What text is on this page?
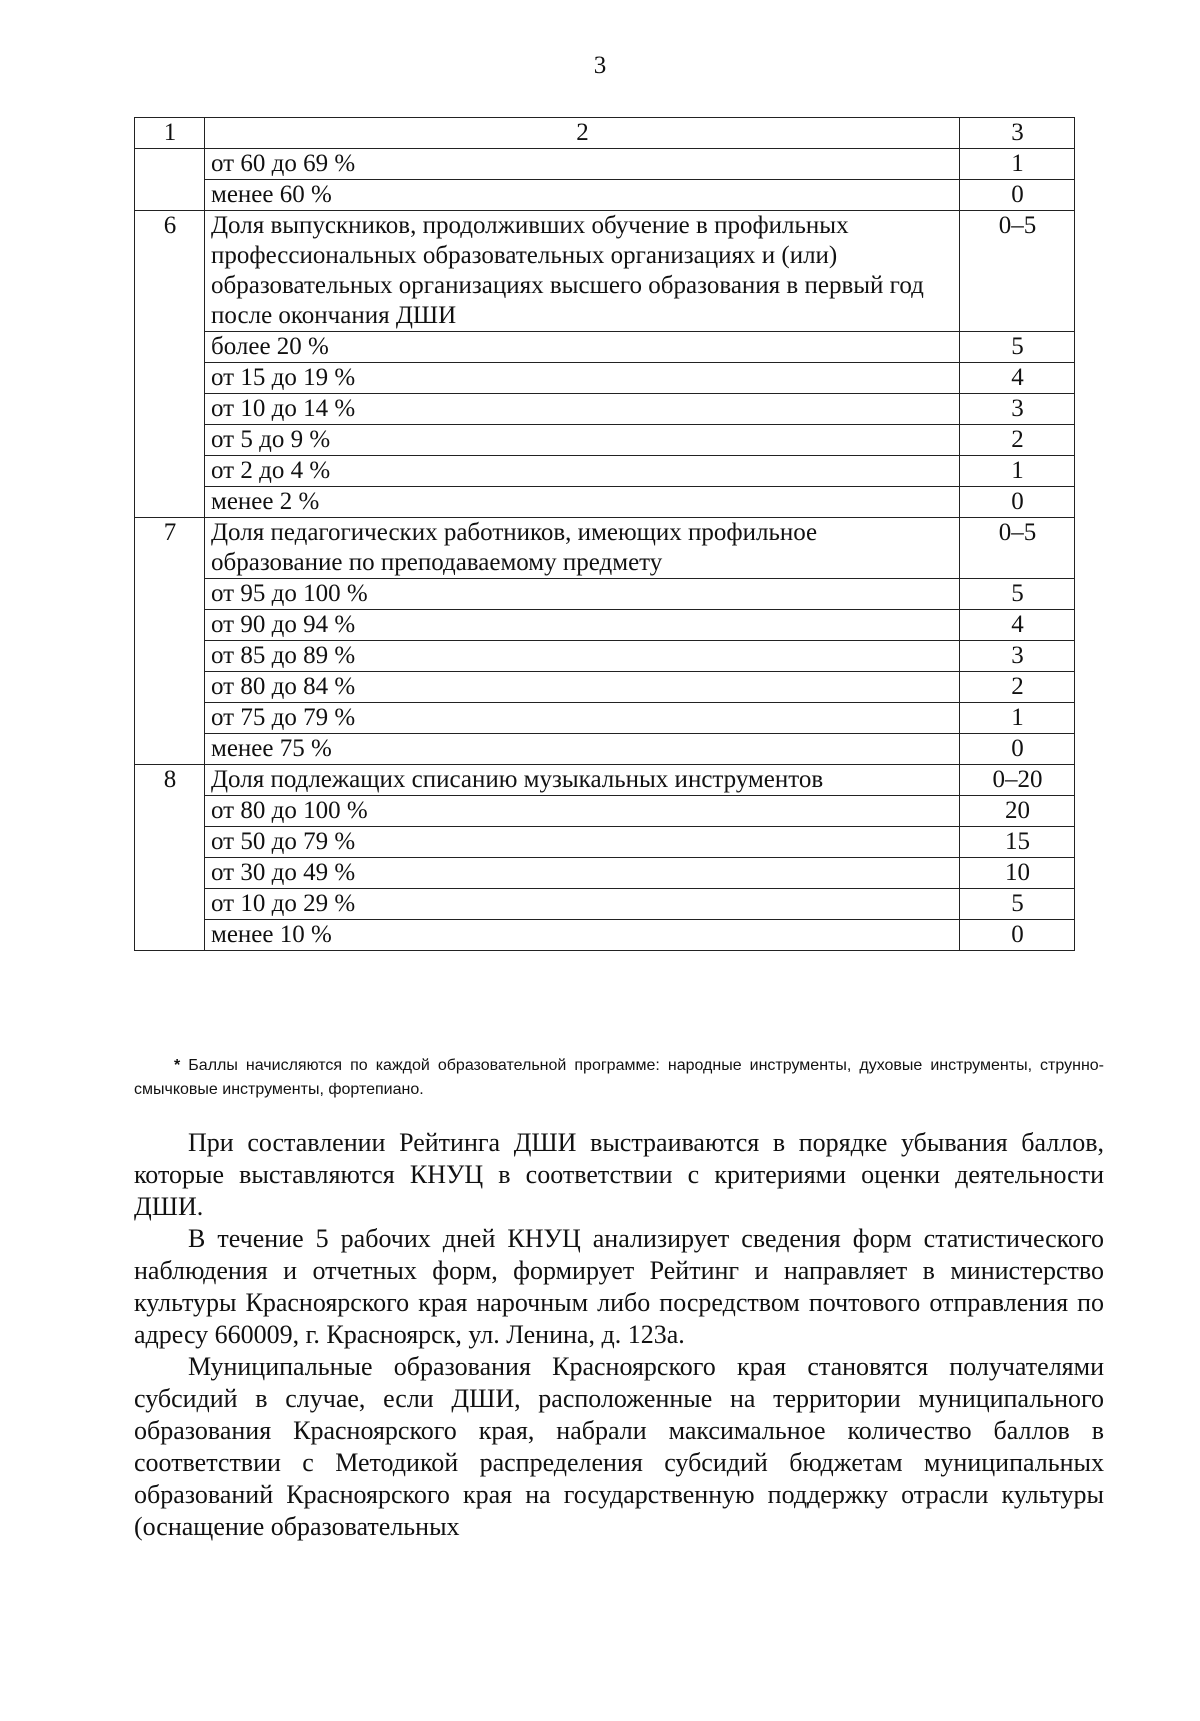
3
1	2	3
	от 60 до 69 %	1
	менее 60 %	0
6	Доля выпускников, продолживших обучение в профильных профессиональных образовательных организациях и (или) образовательных организациях высшего образования в первый год после окончания ДШИ	0–5
	более 20 %	5
	от 15 до 19 %	4
	от 10 до 14 %	3
	от 5 до 9 %	2
	от 2 до 4 %	1
	менее 2 %	0
7	Доля педагогических работников, имеющих профильное образование по преподаваемому предмету	0–5
	от 95 до 100 %	5
	от 90 до 94 %	4
	от 85 до 89 %	3
	от 80 до 84 %	2
	от 75 до 79 %	1
	менее 75 %	0
8	Доля подлежащих списанию музыкальных инструментов	0–20
	от 80 до 100 %	20
	от 50 до 79 %	15
	от 30 до 49 %	10
	от 10 до 29 %	5
	менее 10 %	0
* Баллы начисляются по каждой образовательной программе: народные инструменты, духовые инструменты, струнно-смычковые инструменты, фортепиано.

При составлении Рейтинга ДШИ выстраиваются в порядке убывания баллов, которые выставляются КНУЦ в соответствии с критериями оценки деятельности ДШИ.

В течение 5 рабочих дней КНУЦ анализирует сведения форм статистического наблюдения и отчетных форм, формирует Рейтинг и направляет в министерство культуры Красноярского края нарочным либо посредством почтового отправления по адресу 660009, г. Красноярск, ул. Ленина, д. 123а.

Муниципальные образования Красноярского края становятся получателями субсидий в случае, если ДШИ, расположенные на территории муниципального образования Красноярского края, набрали максимальное количество баллов в соответствии с Методикой распределения субсидий бюджетам муниципальных образований Красноярского края на государственную поддержку отрасли культуры (оснащение образовательных
